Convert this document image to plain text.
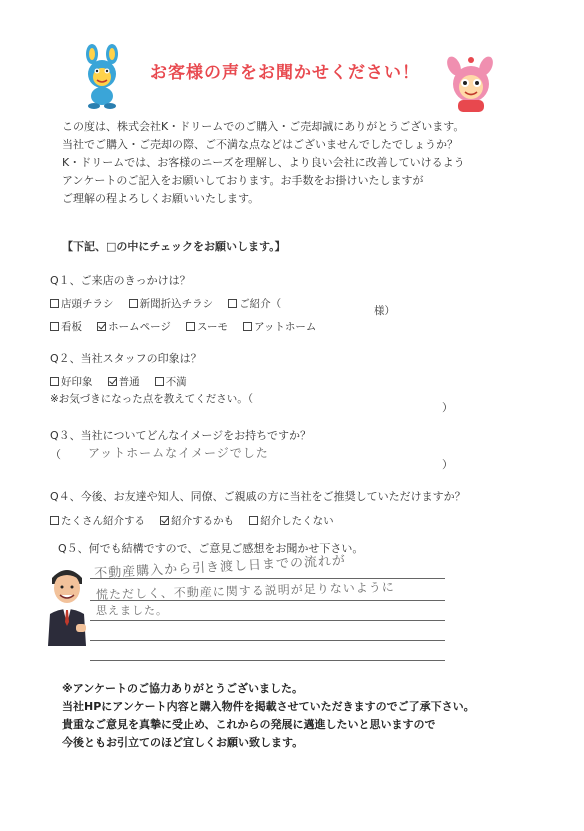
お客様の声をお聞かせください！
この度は、株式会社K・ドリームでのご購入・ご売却誠にありがとうございます。
当社でご購入・ご売却の際、ご不満な点などはございませんでしたでしょうか？
K・ドリームでは、お客様のニーズを理解し、より良い会社に改善していけるよう
アンケートのご記入をお願いしております。お手数をお掛けいたしますが
ご理解の程よろしくお願いいたします。
【下記、□の中にチェックをお願いします。】
Q１、ご来店のきっかけは？
店頭チラシ
新聞折込チラシ
ご紹介（
様）
看板
ホームページ
スーモ
アットホーム
Q２、当社スタッフの印象は？
好印象
普通
不満
※お気づきになった点を教えてください。（
）
Q３、当社についてどんなイメージをお持ちですか？
（ アットホームなイメージでした
）
Q４、今後、お友達や知人、同僚、ご親戚の方に当社をご推奨していただけますか？
たくさん紹介する
紹介するかも
紹介したくない
Q５、何でも結構ですので、ご意見ご感想をお聞かせ下さい。
不動産購入から引き渡し日までの流れが
慌ただしく、不動産に関する説明が足りないように
思えました。
※アンケートのご協力ありがとうございました。
当社HPにアンケート内容と購入物件を掲載させていただきますのでご了承下さい。
貴重なご意見を真摯に受止め、これからの発展に邁進したいと思いますので
今後ともお引立てのほど宜しくお願い致します。
